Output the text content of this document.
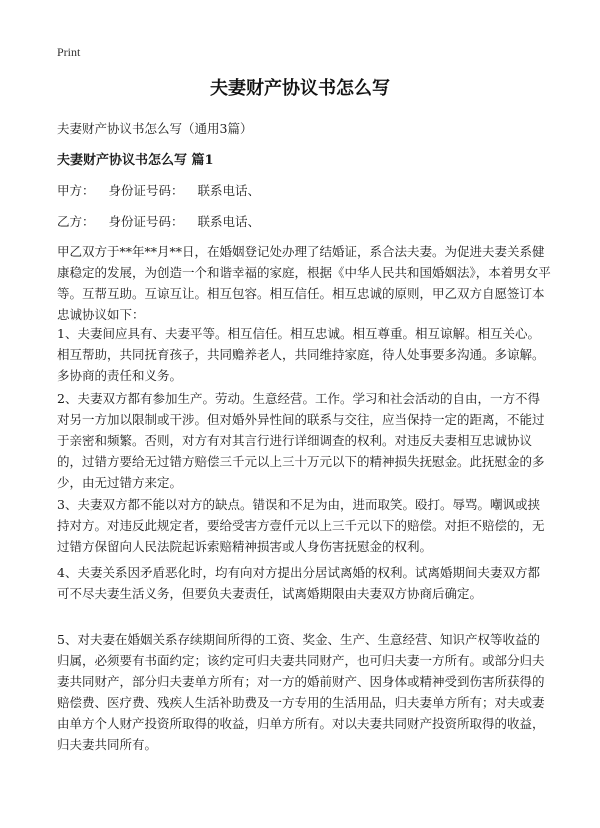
Print
夫妻财产协议书怎么写
夫妻财产协议书怎么写（通用3篇）
夫妻财产协议书怎么写 篇1
甲方： 身份证号码： 联系电话、
乙方： 身份证号码： 联系电话、
甲乙双方于**年**月**日，在婚姻登记处办理了结婚证，系合法夫妻。为促进夫妻关系健康稳定的发展，为创造一个和谐幸福的家庭，根据《中华人民共和国婚姻法》，本着男女平等。互帮互助。互谅互让。相互包容。相互信任。相互忠诚的原则，甲乙双方自愿签订本忠诚协议如下：
1、夫妻间应具有、夫妻平等。相互信任。相互忠诚。相互尊重。相互谅解。相互关心。相互帮助，共同抚育孩子，共同赡养老人，共同维持家庭，待人处事要多沟通。多谅解。多协商的责任和义务。
2、夫妻双方都有参加生产。劳动。生意经营。工作。学习和社会活动的自由，一方不得对另一方加以限制或干涉。但对婚外异性间的联系与交往，应当保持一定的距离，不能过于亲密和频繁。否则，对方有对其言行进行详细调查的权利。对违反夫妻相互忠诚协议的，过错方要给无过错方赔偿三千元以上三十万元以下的精神损失抚慰金。此抚慰金的多少，由无过错方来定。
3、夫妻双方都不能以对方的缺点。错误和不足为由，进而取笑。殴打。辱骂。嘲讽或挟持对方。对违反此规定者，要给受害方壹仟元以上三千元以下的赔偿。对拒不赔偿的，无过错方保留向人民法院起诉索赔精神损害或人身伤害抚慰金的权利。
4、夫妻关系因矛盾恶化时，均有向对方提出分居试离婚的权利。试离婚期间夫妻双方都可不尽夫妻生活义务，但要负夫妻责任，试离婚期限由夫妻双方协商后确定。
5、对夫妻在婚姻关系存续期间所得的工资、奖金、生产、生意经营、知识产权等收益的归属，必须要有书面约定；该约定可归夫妻共同财产，也可归夫妻一方所有。或部分归夫妻共同财产，部分归夫妻单方所有；对一方的婚前财产、因身体或精神受到伤害所获得的赔偿费、医疗费、残疾人生活补助费及一方专用的生活用品，归夫妻单方所有；对夫或妻由单方个人财产投资所取得的收益，归单方所有。对以夫妻共同财产投资所取得的收益，归夫妻共同所有。
